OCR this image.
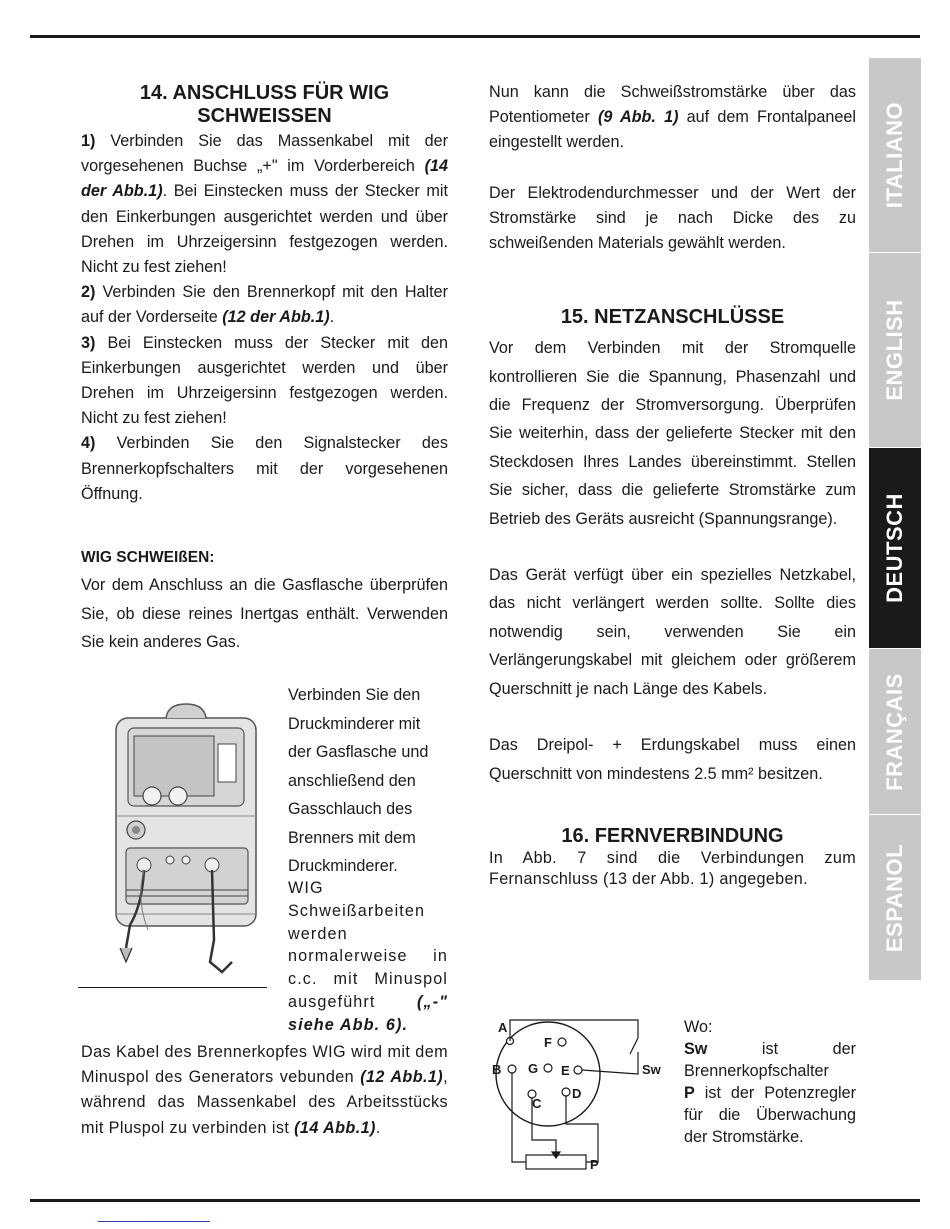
14. ANSCHLUSS FÜR WIG
SCHWEISSEN

1) Verbinden Sie das Massenkabel mit der vorgesehenen Buchse „+" im Vorderbereich (14 der Abb.1). Bei Einstecken muss der Stecker mit den Einkerbungen ausgerichtet werden und über Drehen im Uhrzeigersinn festgezogen werden. Nicht zu fest ziehen!

2) Verbinden Sie den Brennerkopf mit den Halter auf der Vorderseite (12 der Abb.1).

3) Bei Einstecken muss der Stecker mit den Einkerbungen ausgerichtet werden und über Drehen im Uhrzeigersinn festgezogen werden. Nicht zu fest ziehen!

4) Verbinden Sie den Signalstecker des Brennerkopfschalters mit der vorgesehenen Öffnung.

WIG SCHWEIßEN:

Vor dem Anschluss an die Gasflasche überprüfen Sie, ob diese reines Inertgas enthält. Verwenden Sie kein anderes Gas.

Verbinden Sie den Druckminderer mit der Gasflasche und anschließend den Gasschlauch des Brenners mit dem Druckminderer.
WIG Schweißarbeiten werden normalerweise in c.c. mit Minuspol ausgeführt („-" siehe Abb. 6).
Das Kabel des Brennerkopfes WIG wird mit dem Minuspol des Generators vebunden (12 Abb.1), während das Massenkabel des Arbeitsstücks mit Pluspol zu verbinden ist (14 Abb.1).

Nun kann die Schweißstromstärke über das Potentiometer (9 Abb. 1) auf dem Frontalpaneel eingestellt werden.

Der Elektrodendurchmesser und der Wert der Stromstärke sind je nach Dicke des zu schweißenden Materials gewählt werden.

15. NETZANSCHLÜSSE

Vor dem Verbinden mit der Stromquelle kontrollieren Sie die Spannung, Phasenzahl und die Frequenz der Stromversorgung. Überprüfen Sie weiterhin, dass der gelieferte Stecker mit den Steckdosen Ihres Landes übereinstimmt. Stellen Sie sicher, dass die gelieferte Stromstärke zum Betrieb des Geräts ausreicht (Spannungsrange).

Das Gerät verfügt über ein spezielles Netzkabel, das nicht verlängert werden sollte. Sollte dies notwendig sein, verwenden Sie ein Verlängerungskabel mit gleichem oder größerem Querschnitt je nach Länge des Kabels.

Das Dreipol- + Erdungskabel muss einen Querschnitt von mindestens 2.5 mm² besitzen.

16. FERNVERBINDUNG

In Abb. 7 sind die Verbindungen zum Fernanschluss (13 der Abb. 1) angegeben.

A
F
B G E
D
C
Sw
P
Wo:
Sw ist der Brennerkopfschalter
P ist der Potenzregler für die Überwachung der Stromstärke.
ITALIANO
ENGLISH
DEUTSCH
FRANÇAIS
ESPANOL
